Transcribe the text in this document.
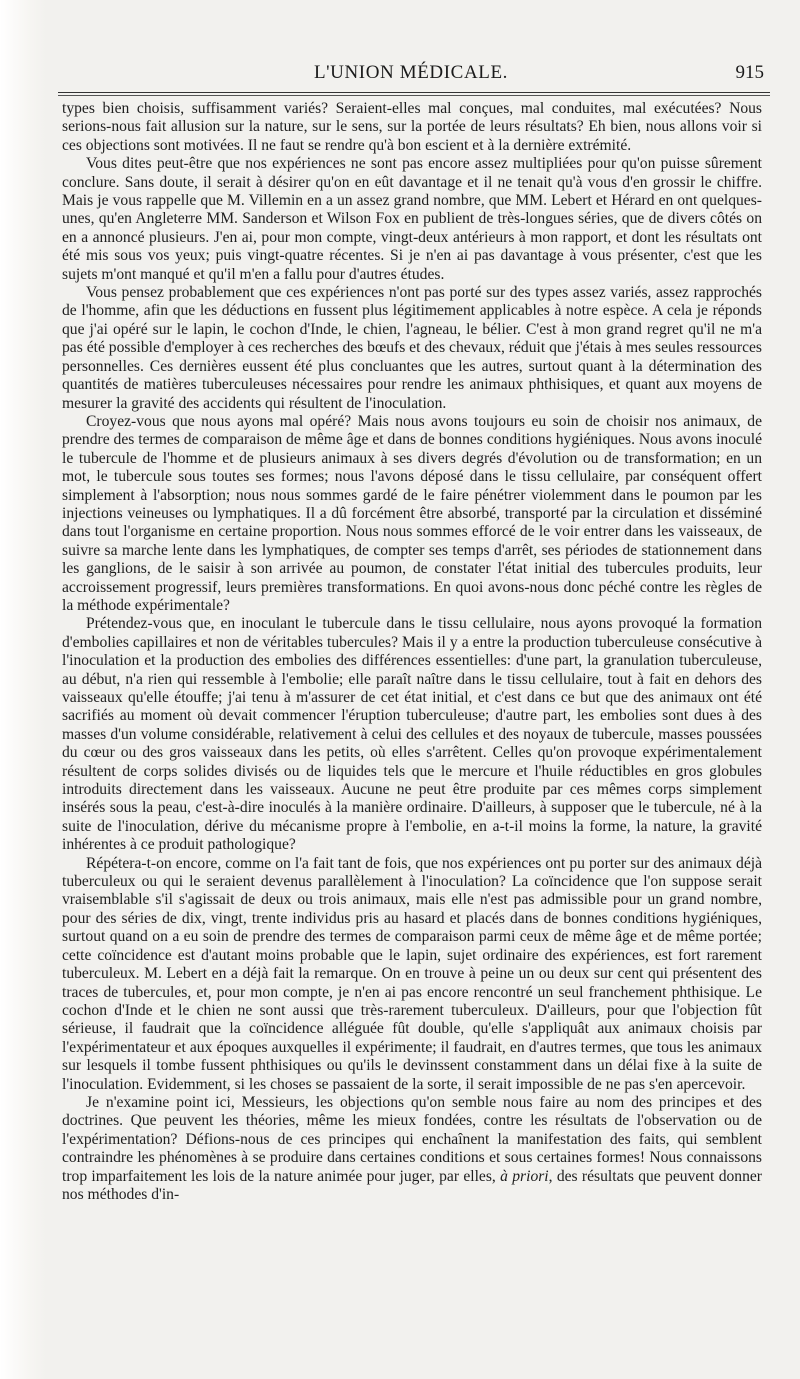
L'UNION MÉDICALE.	915

types bien choisis, suffisamment variés? Seraient-elles mal conçues, mal conduites, mal exécutées? Nous serions-nous fait allusion sur la nature, sur le sens, sur la portée de leurs résultats? Eh bien, nous allons voir si ces objections sont motivées. Il ne faut se rendre qu'à bon escient et à la dernière extrémité.

Vous dites peut-être que nos expériences ne sont pas encore assez multipliées pour qu'on puisse sûrement conclure. Sans doute, il serait à désirer qu'on en eût davantage et il ne tenait qu'à vous d'en grossir le chiffre. Mais je vous rappelle que M. Villemin en a un assez grand nombre, que MM. Lebert et Hérard en ont quelques-unes, qu'en Angleterre MM. Sanderson et Wilson Fox en publient de très-longues séries, que de divers côtés on en a annoncé plusieurs. J'en ai, pour mon compte, vingt-deux antérieurs à mon rapport, et dont les résultats ont été mis sous vos yeux; puis vingt-quatre récentes. Si je n'en ai pas davantage à vous présenter, c'est que les sujets m'ont manqué et qu'il m'en a fallu pour d'autres études.

Vous pensez probablement que ces expériences n'ont pas porté sur des types assez variés, assez rapprochés de l'homme, afin que les déductions en fussent plus légitimement applicables à notre espèce. A cela je réponds que j'ai opéré sur le lapin, le cochon d'Inde, le chien, l'agneau, le bélier. C'est à mon grand regret qu'il ne m'a pas été possible d'employer à ces recherches des bœufs et des chevaux, réduit que j'étais à mes seules ressources personnelles. Ces dernières eussent été plus concluantes que les autres, surtout quant à la détermination des quantités de matières tuberculeuses nécessaires pour rendre les animaux phthisiques, et quant aux moyens de mesurer la gravité des accidents qui résultent de l'inoculation.

Croyez-vous que nous ayons mal opéré? Mais nous avons toujours eu soin de choisir nos animaux, de prendre des termes de comparaison de même âge et dans de bonnes conditions hygiéniques. Nous avons inoculé le tubercule de l'homme et de plusieurs animaux à ses divers degrés d'évolution ou de transformation; en un mot, le tubercule sous toutes ses formes; nous l'avons déposé dans le tissu cellulaire, par conséquent offert simplement à l'absorption; nous nous sommes gardé de le faire pénétrer violemment dans le poumon par les injections veineuses ou lymphatiques. Il a dû forcément être absorbé, transporté par la circulation et disséminé dans tout l'organisme en certaine proportion. Nous nous sommes efforcé de le voir entrer dans les vaisseaux, de suivre sa marche lente dans les lymphatiques, de compter ses temps d'arrêt, ses périodes de stationnement dans les ganglions, de le saisir à son arrivée au poumon, de constater l'état initial des tubercules produits, leur accroissement progressif, leurs premières transformations. En quoi avons-nous donc péché contre les règles de la méthode expérimentale?

Prétendez-vous que, en inoculant le tubercule dans le tissu cellulaire, nous ayons provoqué la formation d'embolies capillaires et non de véritables tubercules? Mais il y a entre la production tuberculeuse consécutive à l'inoculation et la production des embolies des différences essentielles: d'une part, la granulation tuberculeuse, au début, n'a rien qui ressemble à l'embolie; elle paraît naître dans le tissu cellulaire, tout à fait en dehors des vaisseaux qu'elle étouffe; j'ai tenu à m'assurer de cet état initial, et c'est dans ce but que des animaux ont été sacrifiés au moment où devait commencer l'éruption tuberculeuse; d'autre part, les embolies sont dues à des masses d'un volume considérable, relativement à celui des cellules et des noyaux de tubercule, masses poussées du cœur ou des gros vaisseaux dans les petits, où elles s'arrêtent. Celles qu'on provoque expérimentalement résultent de corps solides divisés ou de liquides tels que le mercure et l'huile réductibles en gros globules introduits directement dans les vaisseaux. Aucune ne peut être produite par ces mêmes corps simplement insérés sous la peau, c'est-à-dire inoculés à la manière ordinaire. D'ailleurs, à supposer que le tubercule, né à la suite de l'inoculation, dérive du mécanisme propre à l'embolie, en a-t-il moins la forme, la nature, la gravité inhérentes à ce produit pathologique?

Répétera-t-on encore, comme on l'a fait tant de fois, que nos expériences ont pu porter sur des animaux déjà tuberculeux ou qui le seraient devenus parallèlement à l'inoculation? La coïncidence que l'on suppose serait vraisemblable s'il s'agissait de deux ou trois animaux, mais elle n'est pas admissible pour un grand nombre, pour des séries de dix, vingt, trente individus pris au hasard et placés dans de bonnes conditions hygiéniques, surtout quand on a eu soin de prendre des termes de comparaison parmi ceux de même âge et de même portée; cette coïncidence est d'autant moins probable que le lapin, sujet ordinaire des expériences, est fort rarement tuberculeux. M. Lebert en a déjà fait la remarque. On en trouve à peine un ou deux sur cent qui présentent des traces de tubercules, et, pour mon compte, je n'en ai pas encore rencontré un seul franchement phthisique. Le cochon d'Inde et le chien ne sont aussi que très-rarement tuberculeux. D'ailleurs, pour que l'objection fût sérieuse, il faudrait que la coïncidence alléguée fût double, qu'elle s'appliquât aux animaux choisis par l'expérimentateur et aux époques auxquelles il expérimente; il faudrait, en d'autres termes, que tous les animaux sur lesquels il tombe fussent phthisiques ou qu'ils le devinssent constamment dans un délai fixe à la suite de l'inoculation. Evidemment, si les choses se passaient de la sorte, il serait impossible de ne pas s'en apercevoir.

Je n'examine point ici, Messieurs, les objections qu'on semble nous faire au nom des principes et des doctrines. Que peuvent les théories, même les mieux fondées, contre les résultats de l'observation ou de l'expérimentation? Défions-nous de ces principes qui enchaînent la manifestation des faits, qui semblent contraindre les phénomènes à se produire dans certaines conditions et sous certaines formes! Nous connaissons trop imparfaitement les lois de la nature animée pour juger, par elles, à priori, des résultats que peuvent donner nos méthodes d'in-
